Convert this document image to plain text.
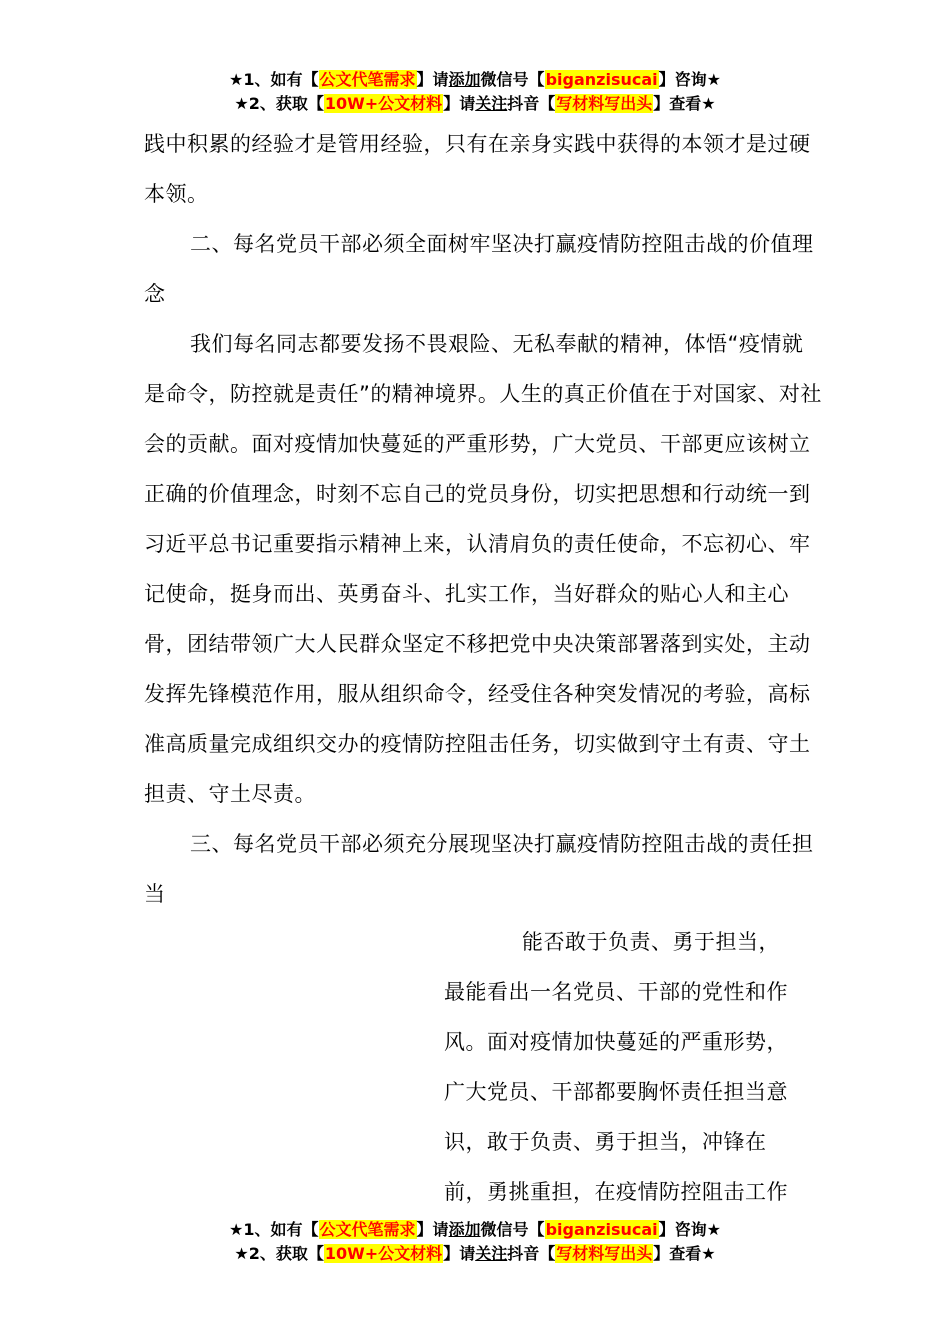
★1、如有【公文代笔需求】请添加微信号【biganzisucai】咨询★
★2、获取【10W+公文材料】请关注抖音【写材料写出头】查看★

践中积累的经验才是管用经验，只有在亲身实践中获得的本领才是过硬本领。

二、每名党员干部必须全面树牢坚决打赢疫情防控阻击战的价值理念

我们每名同志都要发扬不畏艰险、无私奉献的精神，体悟“疫情就是命令，防控就是责任”的精神境界。人生的真正价值在于对国家、对社会的贡献。面对疫情加快蔓延的严重形势，广大党员、干部更应该树立正确的价值理念，时刻不忘自己的党员身份，切实把思想和行动统一到习近平总书记重要指示精神上来，认清肩负的责任使命，不忘初心、牢记使命，挺身而出、英勇奋斗、扎实工作，当好群众的贴心人和主心骨，团结带领广大人民群众坚定不移把党中央决策部署落到实处，主动发挥先锋模范作用，服从组织命令，经受住各种突发情况的考验，高标准高质量完成组织交办的疫情防控阻击任务，切实做到守土有责、守土担责、守土尽责。

三、每名党员干部必须充分展现坚决打赢疫情防控阻击战的责任担当

能否敢于负责、勇于担当，

最能看出一名党员、干部的党性和作

风。面对疫情加快蔓延的严重形势，

广大党员、干部都要胸怀责任担当意

识，敢于负责、勇于担当，冲锋在

前，勇挑重担，在疫情防控阻击工作

★1、如有【公文代笔需求】请添加微信号【biganzisucai】咨询★
★2、获取【10W+公文材料】请关注抖音【写材料写出头】查看★
